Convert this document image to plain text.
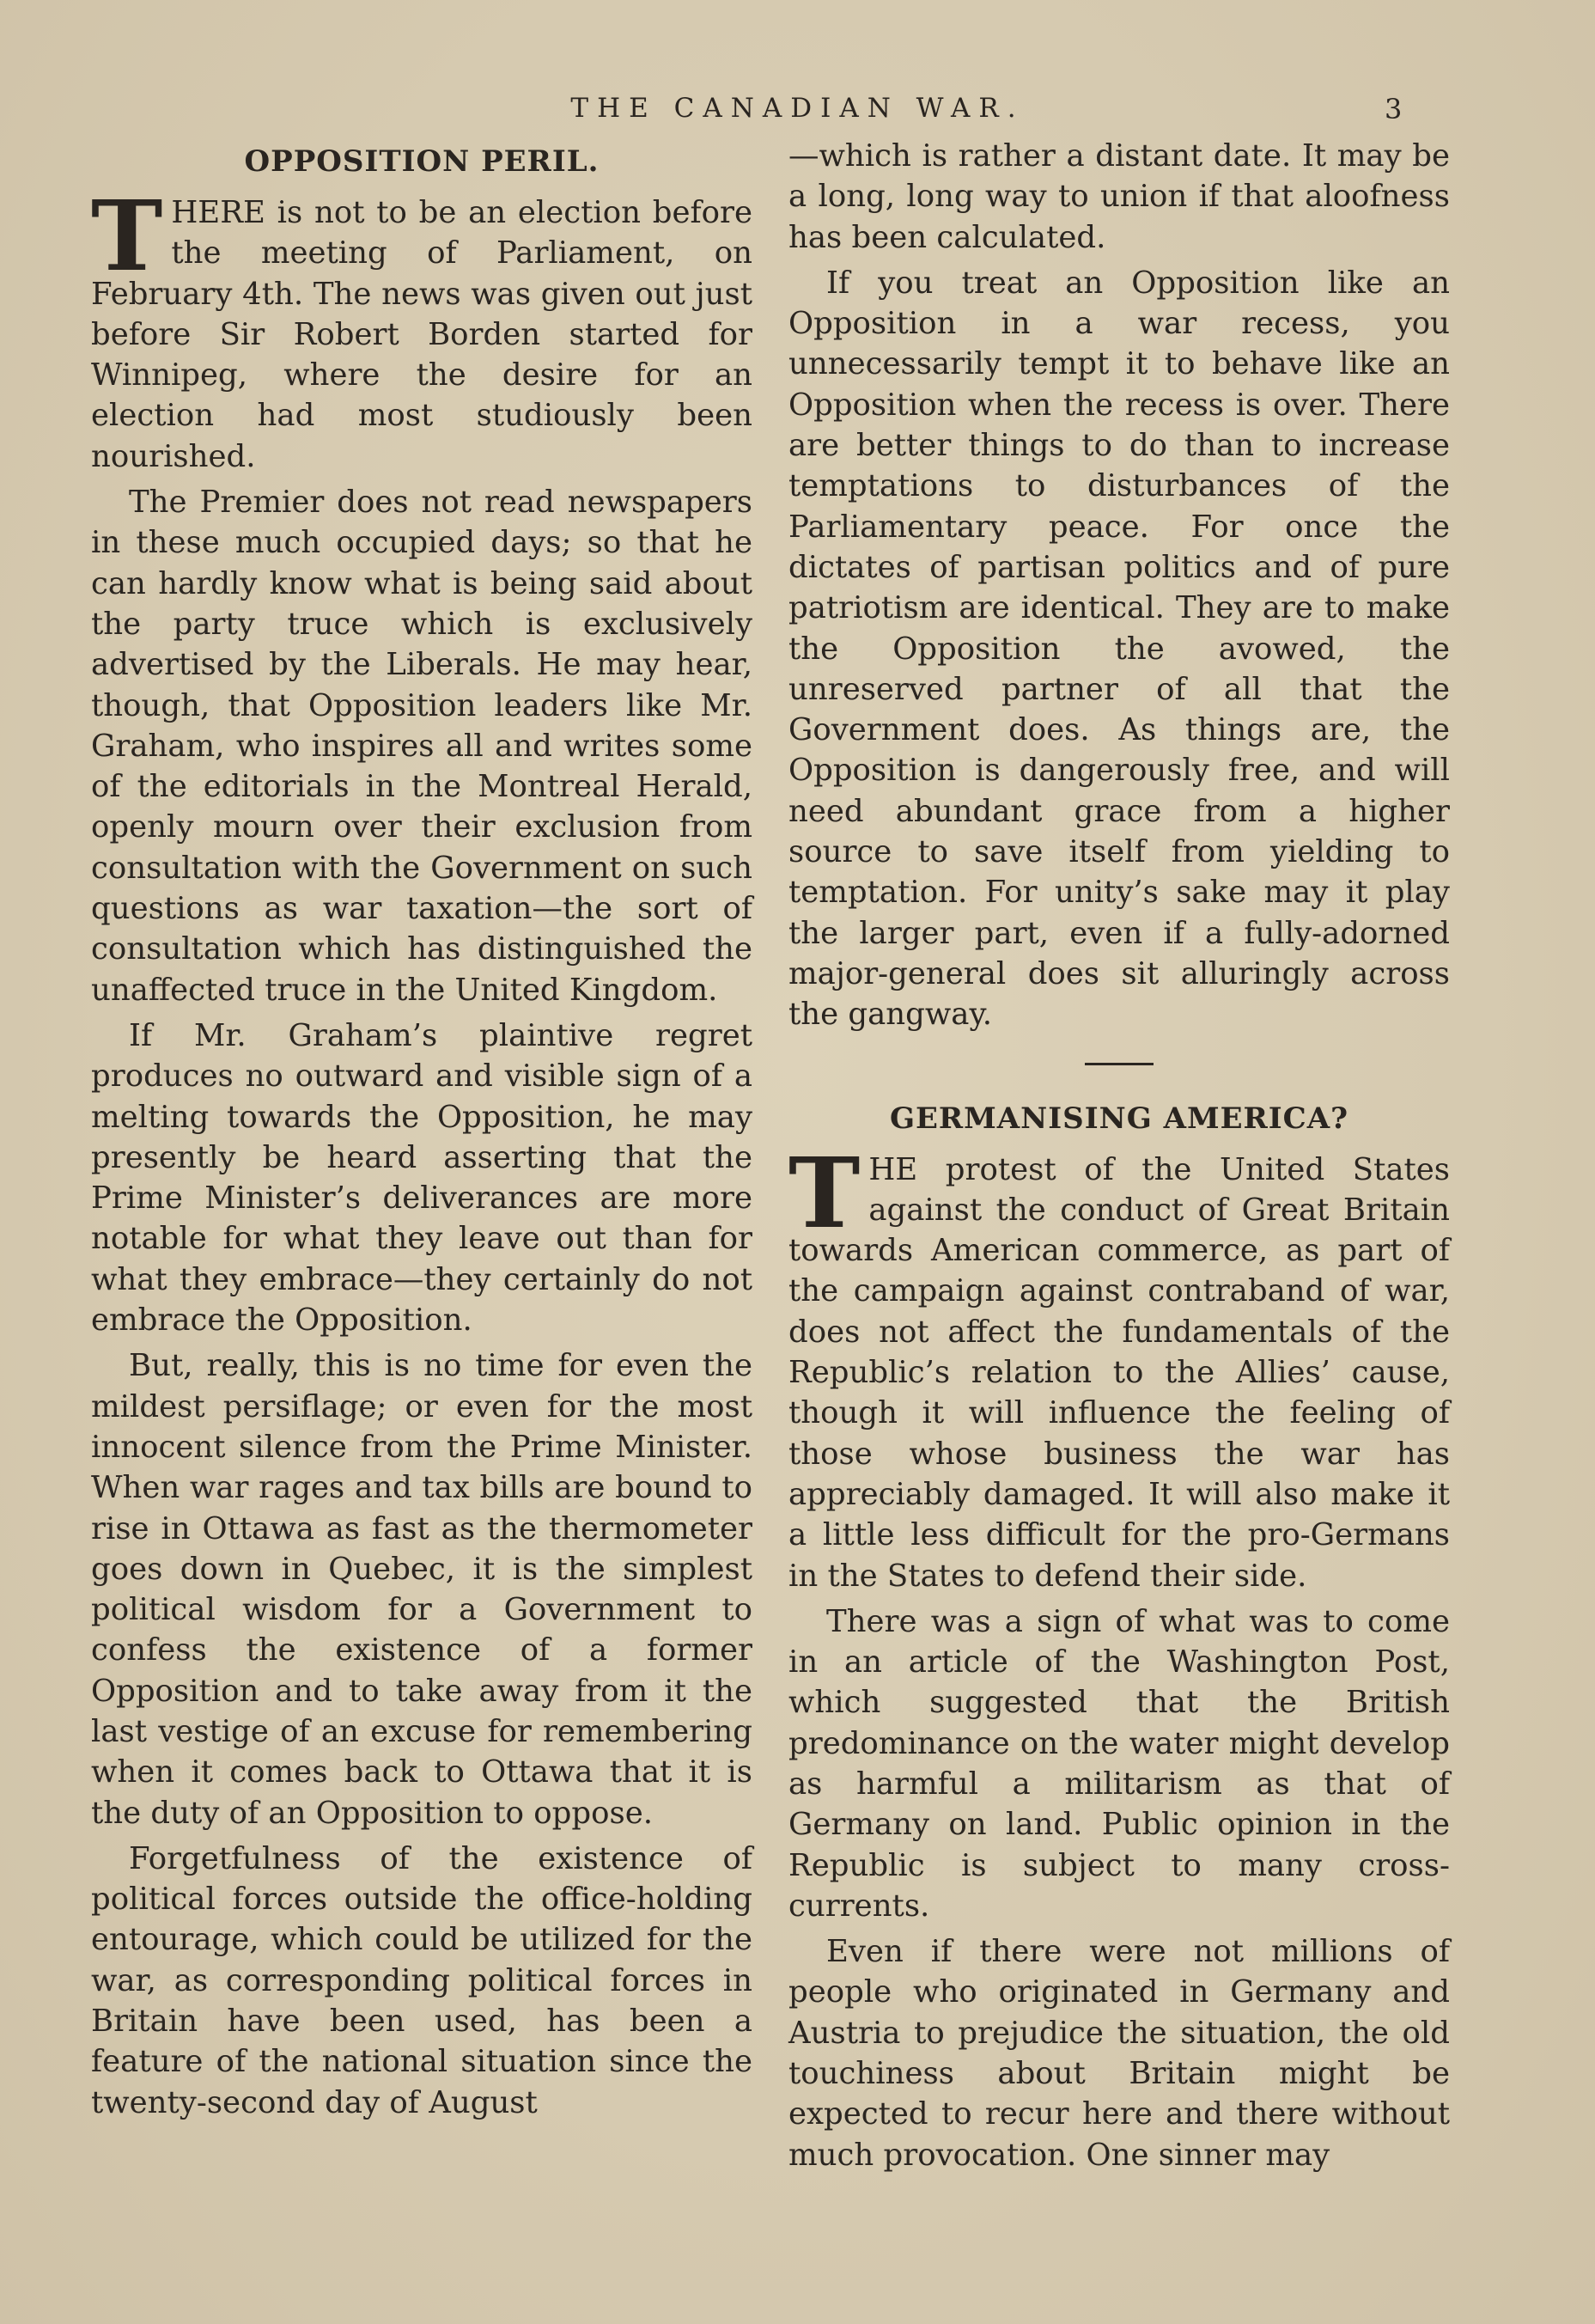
THE CANADIAN WAR.	3
OPPOSITION PERIL.

THERE is not to be an election before the meeting of Parliament, on February 4th. The news was given out just before Sir Robert Borden started for Winnipeg, where the desire for an election had most studiously been nourished.

The Premier does not read newspapers in these much occupied days; so that he can hardly know what is being said about the party truce which is exclusively advertised by the Liberals. He may hear, though, that Opposition leaders like Mr. Graham, who inspires all and writes some of the editorials in the Montreal Herald, openly mourn over their exclusion from consultation with the Government on such questions as war taxation—the sort of consultation which has distinguished the unaffected truce in the United Kingdom.

If Mr. Graham’s plaintive regret produces no outward and visible sign of a melting towards the Opposition, he may presently be heard asserting that the Prime Minister’s deliverances are more notable for what they leave out than for what they embrace—they certainly do not embrace the Opposition.

But, really, this is no time for even the mildest persiflage; or even for the most innocent silence from the Prime Minister. When war rages and tax bills are bound to rise in Ottawa as fast as the thermometer goes down in Quebec, it is the simplest political wisdom for a Government to confess the existence of a former Opposition and to take away from it the last vestige of an excuse for remembering when it comes back to Ottawa that it is the duty of an Opposition to oppose.

Forgetfulness of the existence of political forces outside the office-holding entourage, which could be utilized for the war, as corresponding political forces in Britain have been used, has been a feature of the national situation since the twenty-second day of August

—which is rather a distant date. It may be a long, long way to union if that aloofness has been calculated.

If you treat an Opposition like an Opposition in a war recess, you unnecessarily tempt it to behave like an Opposition when the recess is over. There are better things to do than to increase temptations to disturbances of the Parliamentary peace. For once the dictates of partisan politics and of pure patriotism are identical. They are to make the Opposition the avowed, the unreserved partner of all that the Government does. As things are, the Opposition is dangerously free, and will need abundant grace from a higher source to save itself from yielding to temptation. For unity’s sake may it play the larger part, even if a fully-adorned major-general does sit alluringly across the gangway.

GERMANISING AMERICA?

THE protest of the United States against the conduct of Great Britain towards American commerce, as part of the campaign against contraband of war, does not affect the fundamentals of the Republic’s relation to the Allies’ cause, though it will influence the feeling of those whose business the war has appreciably damaged. It will also make it a little less difficult for the pro-Germans in the States to defend their side.

There was a sign of what was to come in an article of the Washington Post, which suggested that the British predominance on the water might develop as harmful a militarism as that of Germany on land. Public opinion in the Republic is subject to many cross-currents.

Even if there were not millions of people who originated in Germany and Austria to prejudice the situation, the old touchiness about Britain might be expected to recur here and there without much provocation. One sinner may
